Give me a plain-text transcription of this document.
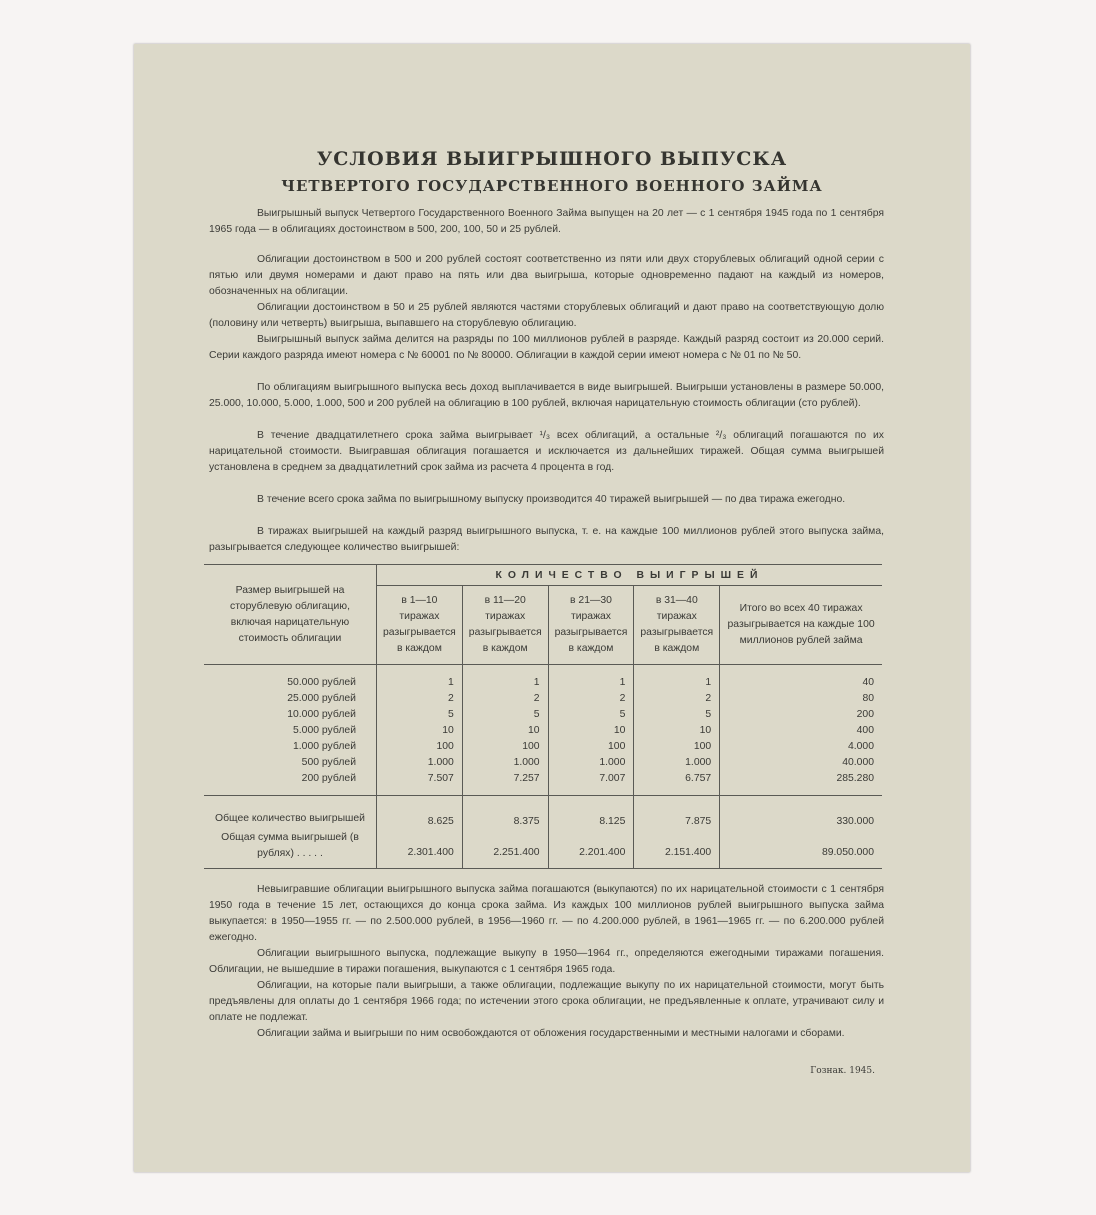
УСЛОВИЯ ВЫИГРЫШНОГО ВЫПУСКА
ЧЕТВЕРТОГО ГОСУДАРСТВЕННОГО ВОЕННОГО ЗАЙМА

Выигрышный выпуск Четвертого Государственного Военного Займа выпущен на 20 лет — с 1 сентября 1945 года по 1 сентября 1965 года — в облигациях достоинством в 500, 200, 100, 50 и 25 рублей.

Облигации достоинством в 500 и 200 рублей состоят соответственно из пяти или двух сторублевых облигаций одной серии с пятью или двумя номерами и дают право на пять или два выигрыша, которые одновременно падают на каждый из номеров, обозначенных на облигации.

Облигации достоинством в 50 и 25 рублей являются частями сторублевых облигаций и дают право на соответствующую долю (половину или четверть) выигрыша, выпавшего на сторублевую облигацию.

Выигрышный выпуск займа делится на разряды по 100 миллионов рублей в разряде. Каждый разряд состоит из 20.000 серий. Серии каждого разряда имеют номера с № 60001 по № 80000. Облигации в каждой серии имеют номера с № 01 по № 50.

По облигациям выигрышного выпуска весь доход выплачивается в виде выигрышей. Выигрыши установлены в размере 50.000, 25.000, 10.000, 5.000, 1.000, 500 и 200 рублей на облигацию в 100 рублей, включая нарицательную стоимость облигации (сто рублей).

В течение двадцатилетнего срока займа выигрывает ¹/₃ всех облигаций, а остальные ²/₃ облигаций погашаются по их нарицательной стоимости. Выигравшая облигация погашается и исключается из дальнейших тиражей. Общая сумма выигрышей установлена в среднем за двадцатилетний срок займа из расчета 4 процента в год.

В течение всего срока займа по выигрышному выпуску производится 40 тиражей выигрышей — по два тиража ежегодно.

В тиражах выигрышей на каждый разряд выигрышного выпуска, т. е. на каждые 100 миллионов рублей этого выпуска займа, разыгрывается следующее количество выигрышей:

Размер выигрышей на сторублевую облигацию, включая нарицательную стоимость облигации	КОЛИЧЕСТВО ВЫИГРЫШЕЙ				
	в 1—10 тиражах разыгрывается в каждом	в 11—20 тиражах разыгрывается в каждом	в 21—30 тиражах разыгрывается в каждом	в 31—40 тиражах разыгрывается в каждом	Итого во всех 40 тиражах разыгрывается на каждые 100 миллионов рублей займа
50.000 рублей	1	1	1	1	40
25.000 рублей	2	2	2	2	80
10.000 рублей	5	5	5	5	200
5.000 рублей	10	10	10	10	400
1.000 рублей	100	100	100	100	4.000
500 рублей	1.000	1.000	1.000	1.000	40.000
200 рублей	7.507	7.257	7.007	6.757	285.280
Общее количество выигрышей	8.625	8.375	8.125	7.875	330.000
Общая сумма выигрышей (в рублях) . . . . .	2.301.400	2.251.400	2.201.400	2.151.400	89.050.000

Невыигравшие облигации выигрышного выпуска займа погашаются (выкупаются) по их нарицательной стоимости с 1 сентября 1950 года в течение 15 лет, остающихся до конца срока займа. Из каждых 100 миллионов рублей выигрышного выпуска займа выкупается: в 1950—1955 гг. — по 2.500.000 рублей, в 1956—1960 гг. — по 4.200.000 рублей, в 1961—1965 гг. — по 6.200.000 рублей ежегодно.

Облигации выигрышного выпуска, подлежащие выкупу в 1950—1964 гг., определяются ежегодными тиражами погашения. Облигации, не вышедшие в тиражи погашения, выкупаются с 1 сентября 1965 года.

Облигации, на которые пали выигрыши, а также облигации, подлежащие выкупу по их нарицательной стоимости, могут быть предъявлены для оплаты до 1 сентября 1966 года; по истечении этого срока облигации, не предъявленные к оплате, утрачивают силу и оплате не подлежат.

Облигации займа и выигрыши по ним освобождаются от обложения государственными и местными налогами и сборами.

Гознак. 1945.
